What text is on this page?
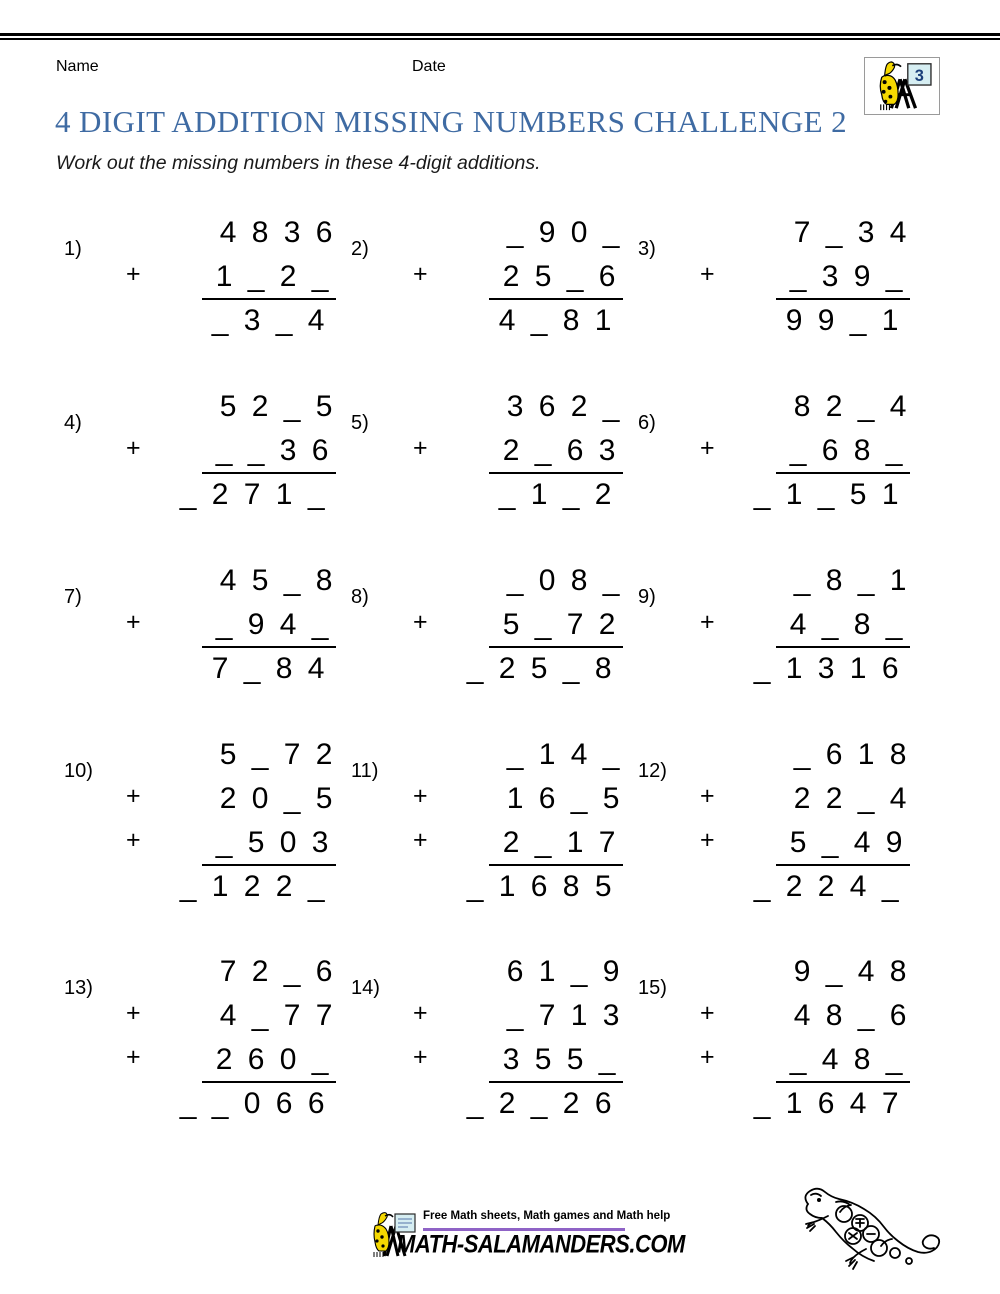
Name	Date
4 DIGIT ADDITION MISSING NUMBERS CHALLENGE 2
Work out the missing numbers in these 4-digit additions.
3
1)	4 8 3 6
+	1 _ 2 _
_ 3 _ 4
2)	_ 9 0 _
+	2 5 _ 6
4 _ 8 1
3)	7 _ 3 4
+	_ 3 9 _
9 9 _ 1
4)	5 2 _ 5
+	_ _ 3 6
_ 2 7 1 _
5)	3 6 2 _
+	2 _ 6 3
_ 1 _ 2
6)	8 2 _ 4
+	_ 6 8 _
_ 1 _ 5 1
7)	4 5 _ 8
+	_ 9 4 _
7 _ 8 4
8)	_ 0 8 _
+	5 _ 7 2
_ 2 5 _ 8
9)	_ 8 _ 1
+	4 _ 8 _
_ 1 3 1 6
10)	5 _ 7 2
+	2 0 _ 5
+	_ 5 0 3
_ 1 2 2 _
11)	_ 1 4 _
+	1 6 _ 5
+	2 _ 1 7
_ 1 6 8 5
12)	_ 6 1 8
+	2 2 _ 4
+	5 _ 4 9
_ 2 2 4 _
13)	7 2 _ 6
+	4 _ 7 7
+	2 6 0 _
_ _ 0 6 6
14)	6 1 _ 9
+	_ 7 1 3
+	3 5 5 _
_ 2 _ 2 6
15)	9 _ 4 8
+	4 8 _ 6
+	_ 4 8 _
_ 1 6 4 7
Free Math sheets, Math games and Math help
MATH-SALAMANDERS.COM
